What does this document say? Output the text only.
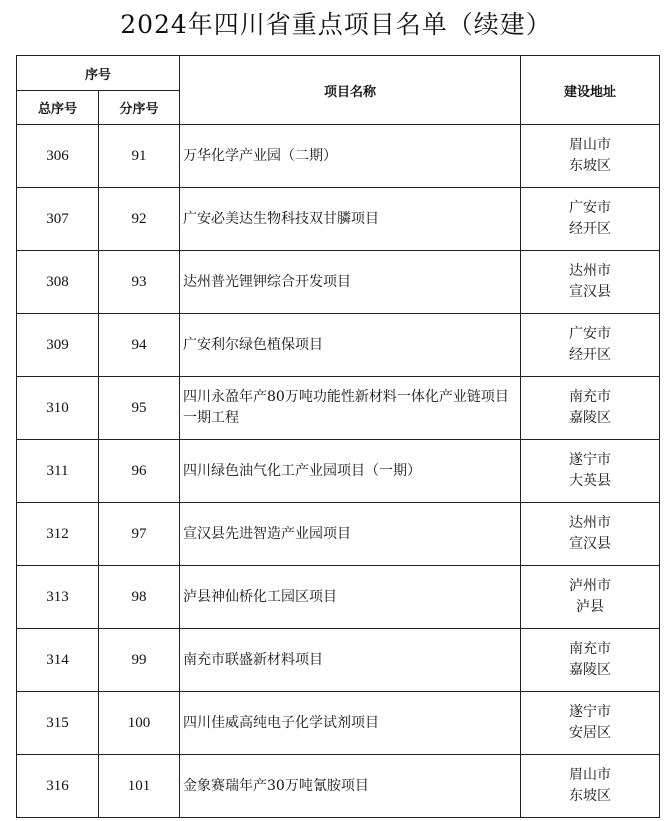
2024年四川省重点项目名单（续建）
序号		项目名称	建设地址
总序号	分序号		
306	91	万华化学产业园（二期）	眉山市
东坡区

307	92	广安必美达生物科技双甘膦项目	广安市
经开区

308	93	达州普光锂钾综合开发项目	达州市
宣汉县

309	94	广安利尔绿色植保项目	广安市
经开区

310	95	四川永盈年产80万吨功能性新材料一体化产业链项目一期工程	南充市
嘉陵区

311	96	四川绿色油气化工产业园项目（一期）	遂宁市
大英县

312	97	宣汉县先进智造产业园项目	达州市
宣汉县

313	98	泸县神仙桥化工园区项目	泸州市
泸县

314	99	南充市联盛新材料项目	南充市
嘉陵区

315	100	四川佳威高纯电子化学试剂项目	遂宁市
安居区

316	101	金象赛瑞年产30万吨氰胺项目	眉山市
东坡区
